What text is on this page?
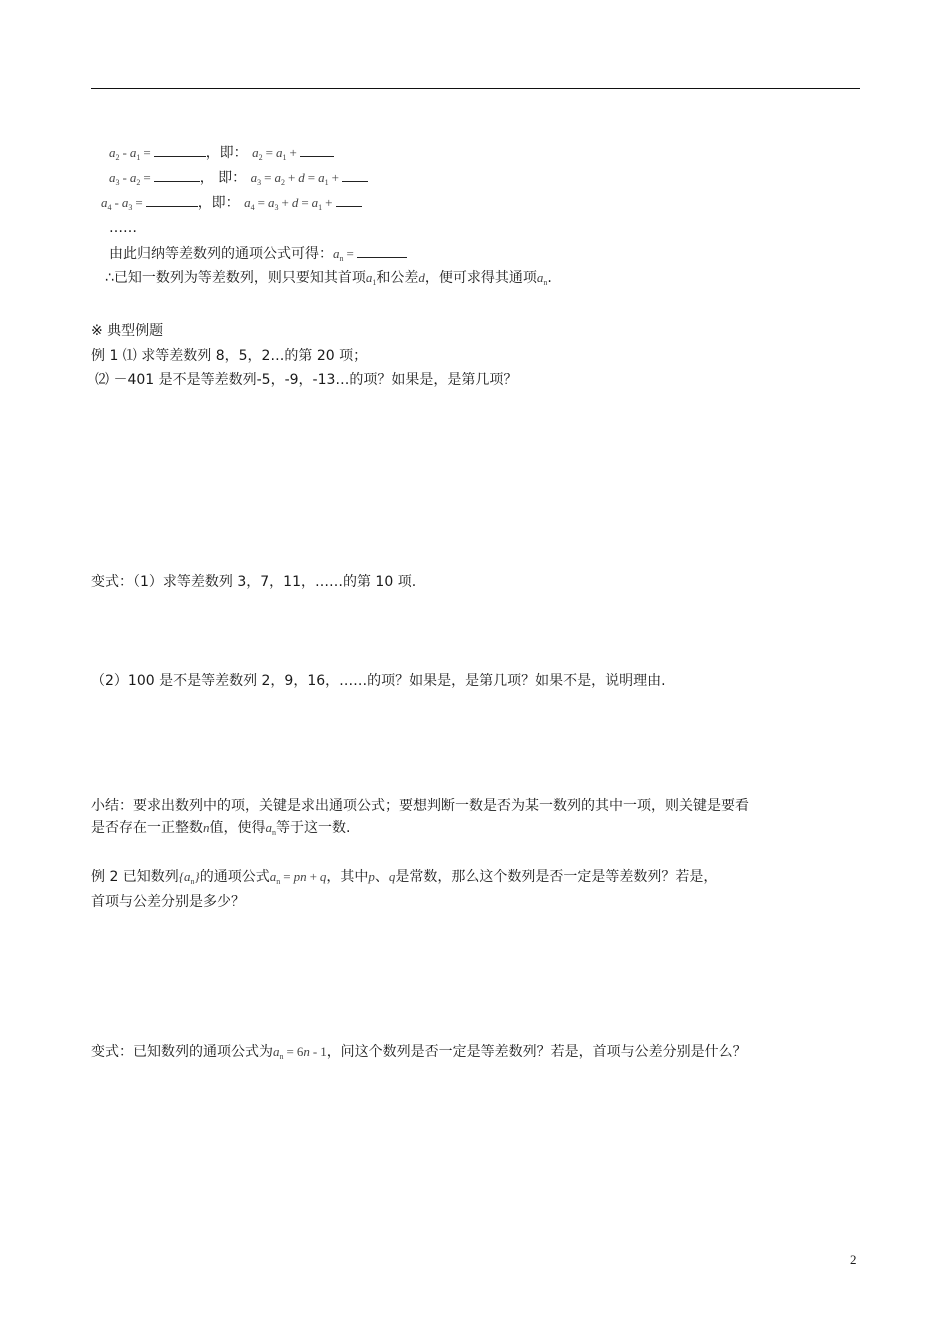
$a_2 - a_1$ =	，即： $a_2 = a_1$ +
$a_3 - a_2$ =	， 即： $a_3 = a_2 + d = a_1$ +
$a_4 - a_3$ =	，即： $a_4 = a_3 + d = a_1$ +
……
由此归纳等差数列的通项公式可得：$a_n$ =
∴已知一数列为等差数列，则只要知其首项$a_1$和公差d，便可求得其通项$a_n$.
※ 典型例题
例 1 ⑴ 求等差数列 8，5，2…的第 20 项；
⑵ －401 是不是等差数列-5，-9，-13…的项？如果是，是第几项？
变式：（1）求等差数列 3，7，11，……的第 10 项.
（2）100 是不是等差数列 2，9，16，……的项？如果是，是第几项？如果不是，说明理由.
小结：要求出数列中的项，关键是求出通项公式；要想判断一数是否为某一数列的其中一项，则关键是要看
是否存在一正整数n值，使得$a_n$等于这一数.
例 2 已知数列$\{a_n\}$的通项公式$a_n$ = pn + q，其中p、q是常数，那么这个数列是否一定是等差数列？若是，
首项与公差分别是多少？
变式：已知数列的通项公式为$a_n = 6n - 1$，问这个数列是否一定是等差数列？若是，首项与公差分别是什么？
2
